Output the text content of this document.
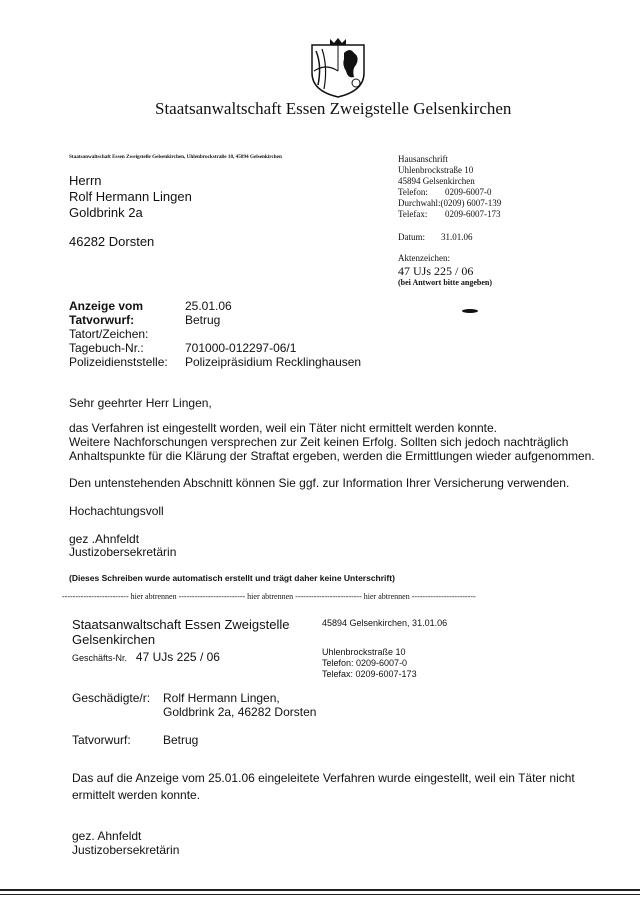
Staatsanwaltschaft Essen Zweigstelle Gelsenkirchen
Staatsanwaltschaft Essen Zweigstelle Gelsenkirchen, Uhlenbrockstraße 10, 45894 Gelsenkirchen
Herrn
Rolf Hermann Lingen
Goldbrink 2a
46282 Dorsten
Hausanschrift
Uhlenbrockstraße 10
45894 Gelsenkirchen
Telefon: 0209-6007-0
Durchwahl:(0209) 6007-139
Telefax: 0209-6007-173
Datum: 31.01.06
Aktenzeichen:
47 UJs 225 / 06
(bei Antwort bitte angeben)
Anzeige vom	25.01.06
Tatvorwurf:	Betrug
Tatort/Zeichen:
Tagebuch-Nr.:	701000-012297-06/1
Polizeidienststelle: Polizeipräsidium Recklinghausen
Sehr geehrter Herr Lingen,
das Verfahren ist eingestellt worden, weil ein Täter nicht ermittelt werden konnte.
Weitere Nachforschungen versprechen zur Zeit keinen Erfolg. Sollten sich jedoch nachträglich
Anhaltspunkte für die Klärung der Straftat ergeben, werden die Ermittlungen wieder aufgenommen.
Den untenstehenden Abschnitt können Sie ggf. zur Information Ihrer Versicherung verwenden.
Hochachtungsvoll
gez .Ahnfeldt
Justizobersekretärin
(Dieses Schreiben wurde automatisch erstellt und trägt daher keine Unterschrift)
------------------------- hier abtrennen ------------------------- hier abtrennen ------------------------- hier abtrennen ------------------------
Staatsanwaltschaft Essen Zweigstelle
Gelsenkirchen
45894 Gelsenkirchen, 31.01.06
Geschäfts-Nr. 47 UJs 225 / 06	Uhlenbrockstraße 10
Telefon: 0209-6007-0
Telefax: 0209-6007-173
Geschädigte/r: Rolf Hermann Lingen,
Goldbrink 2a, 46282 Dorsten
Tatvorwurf:	Betrug
Das auf die Anzeige vom 25.01.06 eingeleitete Verfahren wurde eingestellt, weil ein Täter nicht
ermittelt werden konnte.
gez. Ahnfeldt
Justizobersekretärin
